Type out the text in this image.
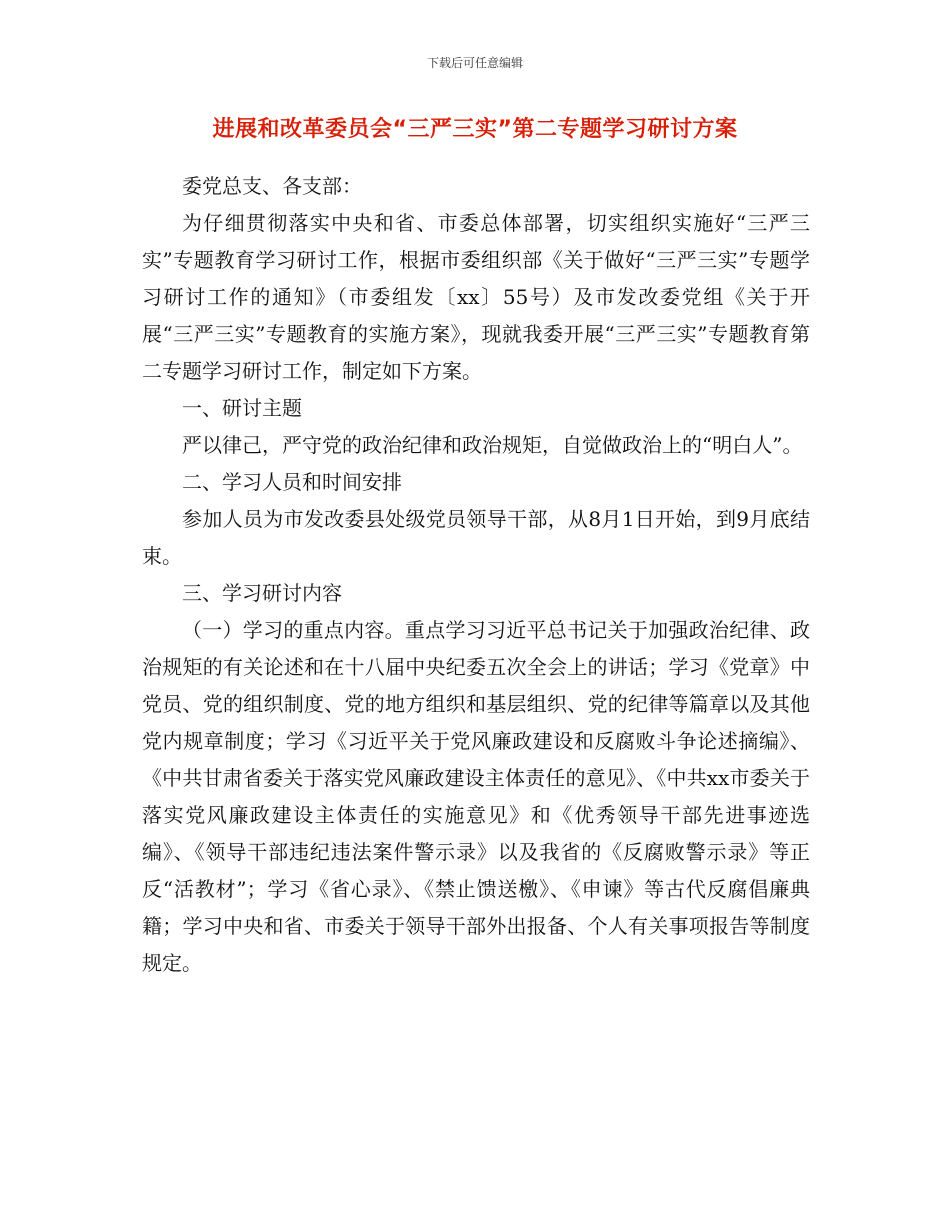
下载后可任意编辑
进展和改革委员会“三严三实”第二专题学习研讨方案

委党总支、各支部：

为仔细贯彻落实中央和省、市委总体部署，切实组织实施好“三严三实”专题教育学习研讨工作，根据市委组织部《关于做好“三严三实”专题学习研讨工作的通知》（市委组发〔xx〕55号）及市发改委党组《关于开展“三严三实”专题教育的实施方案》，现就我委开展“三严三实”专题教育第二专题学习研讨工作，制定如下方案。

一、研讨主题

严以律己，严守党的政治纪律和政治规矩，自觉做政治上的“明白人”。

二、学习人员和时间安排

参加人员为市发改委县处级党员领导干部，从8月1日开始，到9月底结束。

三、学习研讨内容

（一）学习的重点内容。重点学习习近平总书记关于加强政治纪律、政治规矩的有关论述和在十八届中央纪委五次全会上的讲话；学习《党章》中党员、党的组织制度、党的地方组织和基层组织、党的纪律等篇章以及其他党内规章制度；学习《习近平关于党风廉政建设和反腐败斗争论述摘编》、《中共甘肃省委关于落实党风廉政建设主体责任的意见》、《中共xx市委关于落实党风廉政建设主体责任的实施意见》和《优秀领导干部先进事迹选编》、《领导干部违纪违法案件警示录》以及我省的《反腐败警示录》等正反“活教材”；学习《省心录》、《禁止馈送檄》、《申谏》等古代反腐倡廉典籍；学习中央和省、市委关于领导干部外出报备、个人有关事项报告等制度规定。
